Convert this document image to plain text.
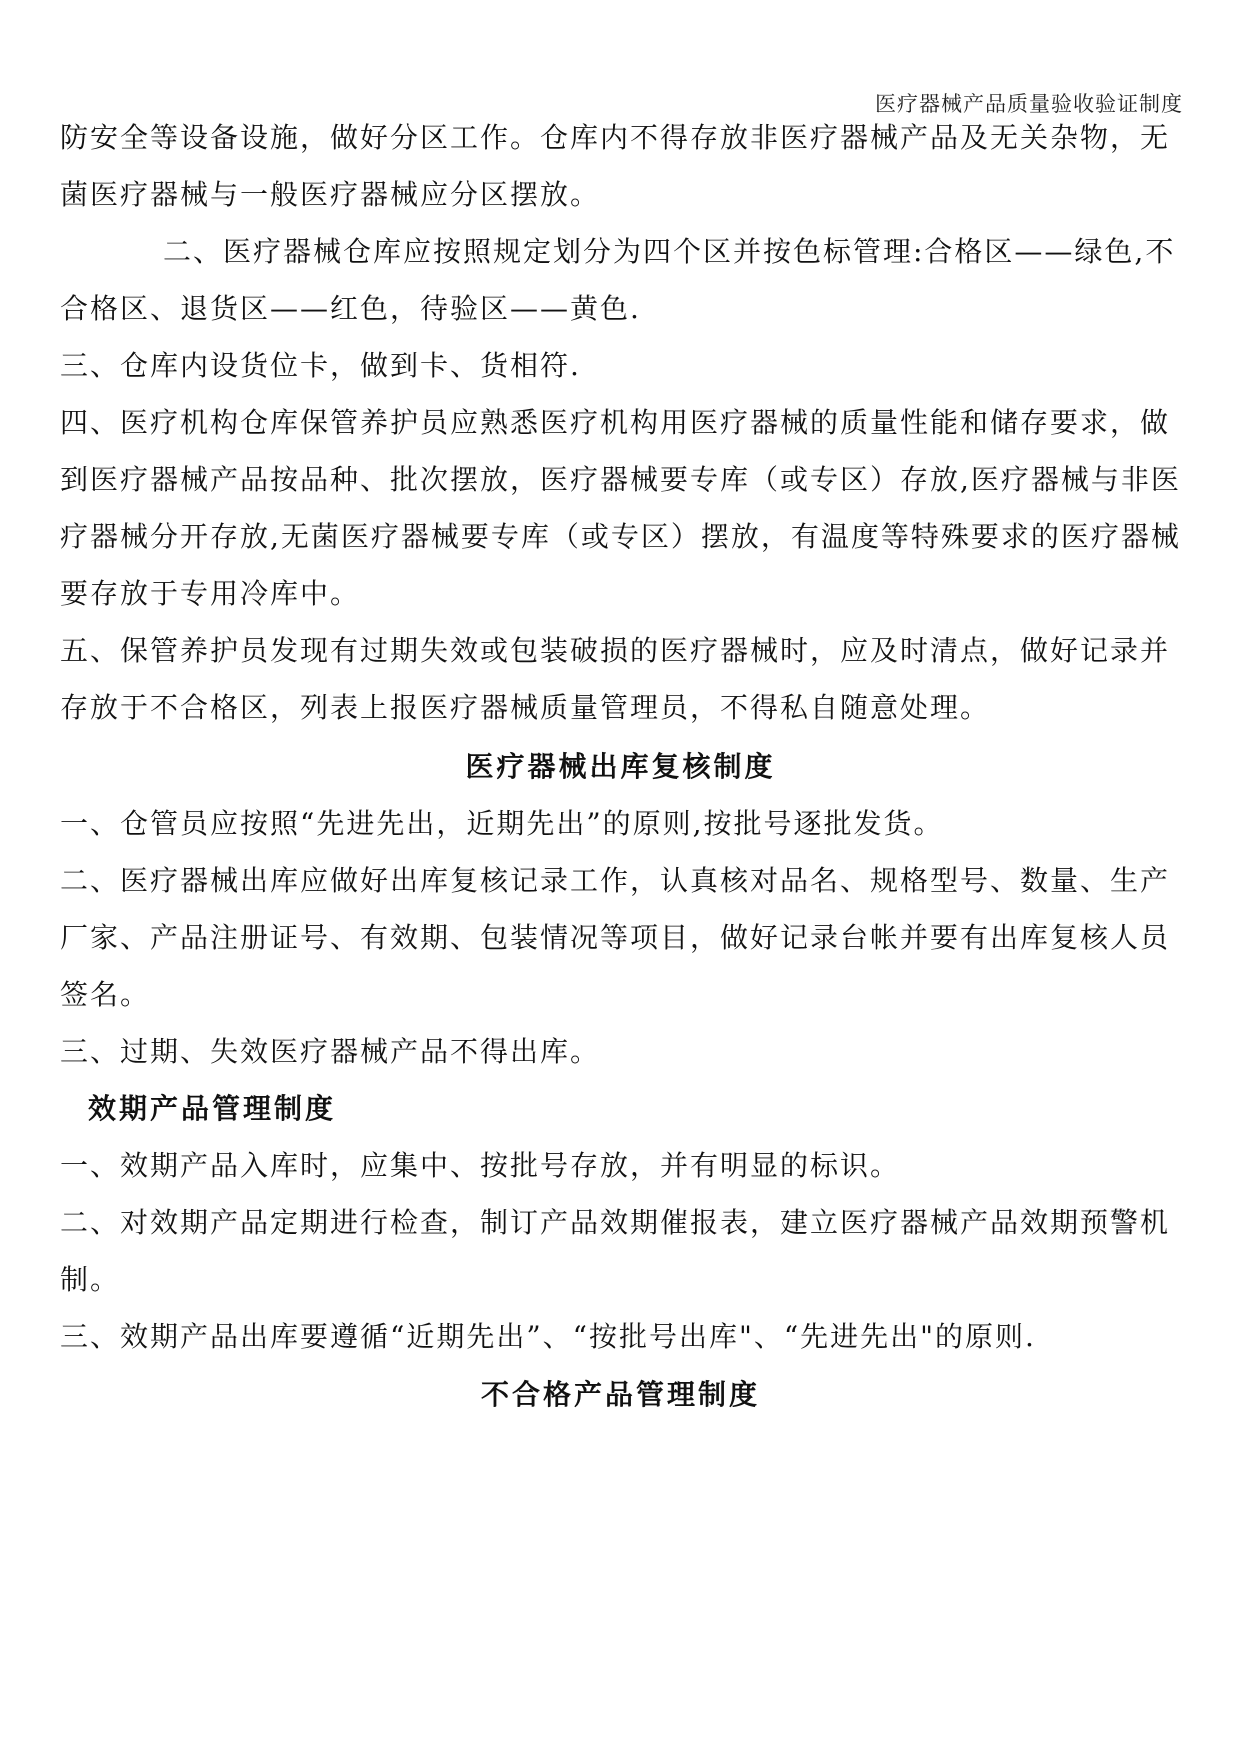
医疗器械产品质量验收验证制度
防安全等设备设施，做好分区工作。仓库内不得存放非医疗器械产品及无关杂物，无
菌医疗器械与一般医疗器械应分区摆放。
二、医疗器械仓库应按照规定划分为四个区并按色标管理:合格区——绿色,不
合格区、退货区——红色，待验区——黄色.
三、仓库内设货位卡，做到卡、货相符.
四、医疗机构仓库保管养护员应熟悉医疗机构用医疗器械的质量性能和储存要求，做
到医疗器械产品按品种、批次摆放，医疗器械要专库（或专区）存放,医疗器械与非医
疗器械分开存放,无菌医疗器械要专库（或专区）摆放，有温度等特殊要求的医疗器械
要存放于专用冷库中。
五、保管养护员发现有过期失效或包装破损的医疗器械时，应及时清点，做好记录并
存放于不合格区，列表上报医疗器械质量管理员，不得私自随意处理。
医疗器械出库复核制度
一、仓管员应按照“先进先出，近期先出”的原则,按批号逐批发货。
二、医疗器械出库应做好出库复核记录工作，认真核对品名、规格型号、数量、生产
厂家、产品注册证号、有效期、包装情况等项目，做好记录台帐并要有出库复核人员
签名。
三、过期、失效医疗器械产品不得出库。
效期产品管理制度
一、效期产品入库时，应集中、按批号存放，并有明显的标识。
二、对效期产品定期进行检查，制订产品效期催报表，建立医疗器械产品效期预警机
制。
三、效期产品出库要遵循“近期先出”、“按批号出库"、“先进先出"的原则.
不合格产品管理制度
